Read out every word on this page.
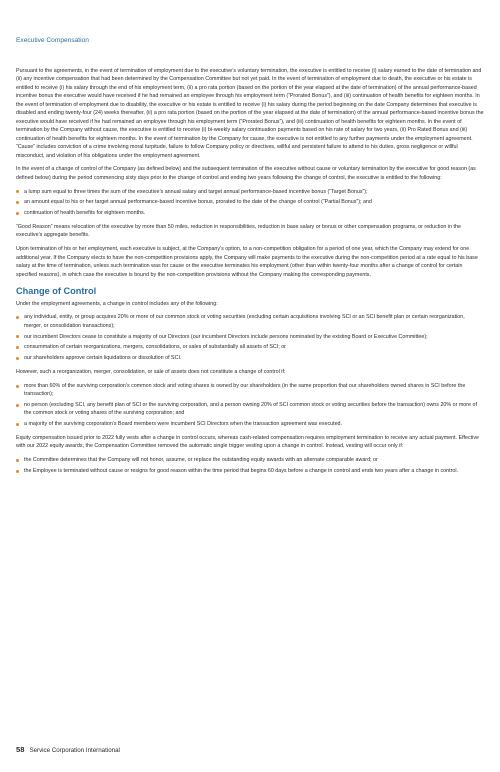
Executive Compensation

Pursuant to the agreements, in the event of termination of employment due to the executive’s voluntary termination, the executive is entitled to receive (i) salary earned to the date of termination and (ii) any incentive compensation that had been determined by the Compensation Committee but not yet paid. In the event of termination of employment due to death, the executive or his estate is entitled to receive (i) his salary through the end of his employment term, (ii) a pro rata portion (based on the portion of the year elapsed at the date of termination) of the annual performance-based incentive bonus the executive would have received if he had remained an employee through his employment term (“Prorated Bonus”), and (iii) continuation of health benefits for eighteen months. In the event of termination of employment due to disability, the executive or his estate is entitled to receive (i) his salary during the period beginning on the date Company determines that executive is disabled and ending twenty-four (24) weeks thereafter, (ii) a pro rata portion (based on the portion of the year elapsed at the date of termination) of the annual performance-based incentive bonus the executive would have received if he had remained an employee through his employment term (“Prorated Bonus”), and (iii) continuation of health benefits for eighteen months. In the event of termination by the Company without cause, the executive is entitled to receive (i) bi-weekly salary continuation payments based on his rate of salary for two years, (ii) Pro Rated Bonus and (iii) continuation of health benefits for eighteen months. In the event of termination by the Company for cause, the executive is not entitled to any further payments under the employment agreement. “Cause” includes conviction of a crime involving moral turpitude, failure to follow Company policy or directives, willful and persistent failure to attend to his duties, gross negligence or willful misconduct, and violation of his obligations under the employment agreement.

In the event of a change of control of the Company (as defined below) and the subsequent termination of the executive without cause or voluntary termination by the executive for good reason (as defined below) during the period commencing sixty days prior to the change of control and ending two years following the change of control, the executive is entitled to the following:

a lump sum equal to three times the sum of the executive’s annual salary and target annual performance-based incentive bonus (“Target Bonus”);
an amount equal to his or her target annual performance-based incentive bonus, prorated to the date of the change of control (“Partial Bonus”); and
continuation of health benefits for eighteen months.

“Good Reason” means relocation of the executive by more than 50 miles, reduction in responsibilities, reduction in base salary or bonus or other compensation programs, or reduction in the executive’s aggregate benefits.

Upon termination of his or her employment, each executive is subject, at the Company’s option, to a non-competition obligation for a period of one year, which the Company may extend for one additional year. If the Company elects to have the non-competition provisions apply, the Company will make payments to the executive during the non-competition period at a rate equal to his base salary at the time of termination, unless such termination was for cause or the executive terminates his employment (other than within twenty-four months after a change of control for certain specified reasons), in which case the executive is bound by the non-competition provisions without the Company making the corresponding payments.

Change of Control

Under the employment agreements, a change in control includes any of the following:

any individual, entity, or group acquires 20% or more of our common stock or voting securities (excluding certain acquisitions involving SCI or an SCI benefit plan or certain reorganization, merger, or consolidation transactions);
our incumbent Directors cease to constitute a majority of our Directors (our incumbent Directors include persons nominated by the existing Board or Executive Committee);
consummation of certain reorganizations, mergers, consolidations, or sales of substantially all assets of SCI; or
our shareholders approve certain liquidations or dissolution of SCI.

However, such a reorganization, merger, consolidation, or sale of assets does not constitute a change of control if:

more than 60% of the surviving corporation’s common stock and voting shares is owned by our shareholders (in the same proportion that our shareholders owned shares in SCI before the transaction);
no person (excluding SCI, any benefit plan of SCI or the surviving corporation, and a person owning 20% of SCI common stock or voting securities before the transaction) owns 20% or more of the common stock or voting shares of the surviving corporation; and
a majority of the surviving corporation’s Board members were incumbent SCI Directors when the transaction agreement was executed.

Equity compensation issued prior to 2022 fully vests after a change in control occurs, whereas cash-related compensation requires employment termination to receive any actual payment. Effective with our 2022 equity awards, the Compensation Committee removed the automatic single trigger vesting upon a change in control. Instead, vesting will occur only if:

the Committee determines that the Company will not honor, assume, or replace the outstanding equity awards with an alternate comparable award; or
the Employee is terminated without cause or resigns for good reason within the time period that begins 60 days before a change in control and ends two years after a change in control.
58 Service Corporation International
